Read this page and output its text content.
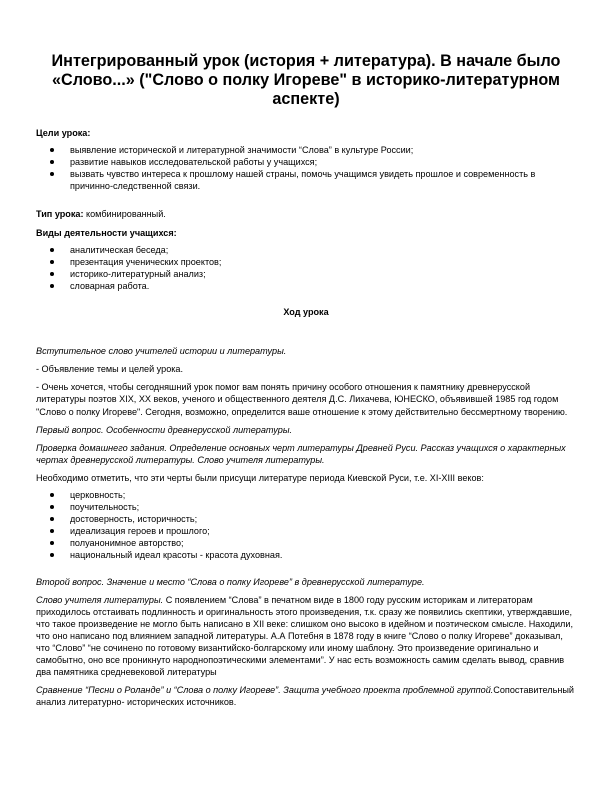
Интегрированный урок (история + литература). В начале было «Слово...» ("Слово о полку Игореве" в историко-литературном аспекте)

Цели урока:

выявление исторической и литературной значимости “Слова” в культуре России;
развитие навыков исследовательской работы у учащихся;
вызвать чувство интереса к прошлому нашей страны, помочь учащимся увидеть прошлое и современность в причинно-следственной связи.

Тип урока: комбинированный.

Виды деятельности учащихся:

аналитическая беседа;
презентация ученических проектов;
историко-литературный анализ;
словарная работа.

Ход урока

Вступительное слово учителей истории и литературы.

- Объявление темы и целей урока.

- Очень хочется, чтобы сегодняшний урок помог вам понять причину особого отношения к памятнику древнерусской литературы поэтов XIX, XX веков, ученого и общественного деятеля Д.С. Лихачева, ЮНЕСКО, объявившей 1985 год годом "Слово о полку Игореве". Сегодня, возможно, определится ваше отношение к этому действительно бессмертному творению.

Первый вопрос. Особенности древнерусской литературы.

Проверка домашнего задания. Определение основных черт литературы Древней Руси. Рассказ учащихся о характерных чертах древнерусской литературы. Слово учителя литературы.

Необходимо отметить, что эти черты были присущи литературе периода Киевской Руси, т.е. XI-XIII веков:

церковность;
поучительность;
достоверность, историчность;
идеализация героев и прошлого;
полуанонимное авторство;
национальный идеал красоты - красота духовная.

Второй вопрос. Значение и место “Слова о полку Игореве” в древнерусской литературе.

Слово учителя литературы. С появлением “Слова” в печатном виде в 1800 году русским историкам и литераторам приходилось отстаивать подлинность и оригинальность этого произведения, т.к. сразу же появились скептики, утверждавшие, что такое произведение не могло быть написано в XII веке: слишком оно высоко в идейном и поэтическом смысле. Находили, что оно написано под влиянием западной литературы. А.А Потебня в 1878 году в книге “Слово о полку Игореве” доказывал, что “Слово” “не сочинено по готовому византийско-болгарскому или иному шаблону. Это произведение оригинально и самобытно, оно все проникнуто народнопоэтическими элементами”. У нас есть возможность самим сделать вывод, сравнив два памятника средневековой литературы

Сравнение “Песни о Роланде” и “Слова о полку Игореве”. Защита учебного проекта проблемной группой.Сопоставительный анализ литературно- исторических источников.
